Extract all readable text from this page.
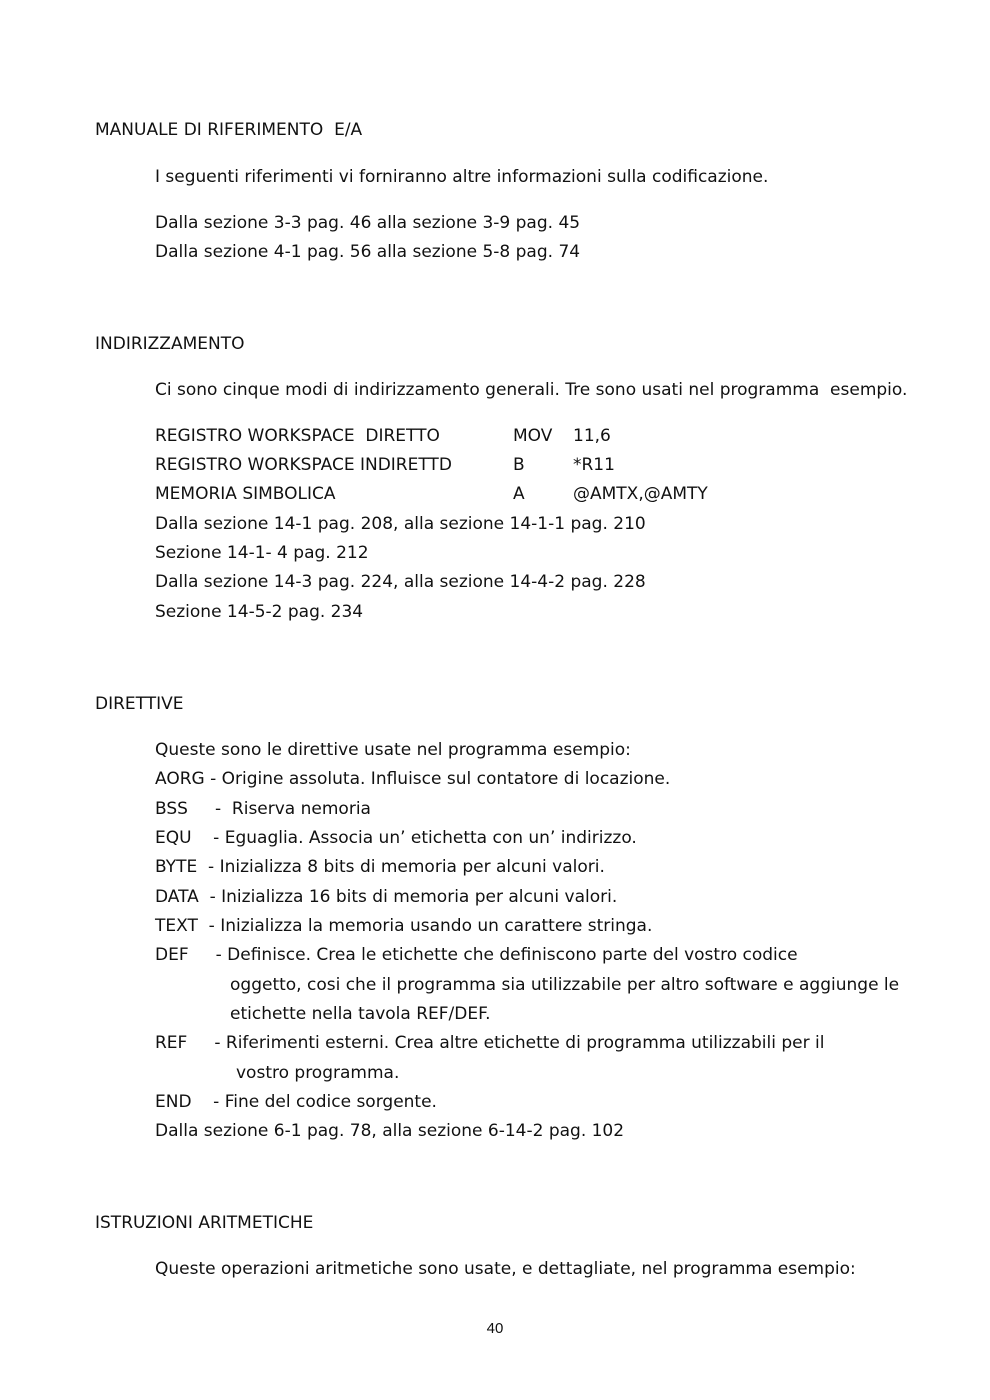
MANUALE DI RIFERIMENTO  E/A
I seguenti riferimenti vi forniranno altre informazioni sulla codificazione.
Dalla sezione 3-3 pag. 46 alla sezione 3-9 pag. 45
Dalla sezione 4-1 pag. 56 alla sezione 5-8 pag. 74
INDIRIZZAMENTO
Ci sono cinque modi di indirizzamento generali. Tre sono usati nel programma  esempio.
REGISTRO WORKSPACE  DIRETTO	MOV 11,6
REGISTRO WORKSPACE INDIRETTD	B	*R11
MEMORIA SIMBOLICA	A	@AMTX,@AMTY
Dalla sezione 14-1 pag. 208, alla sezione 14-1-1 pag. 210
Sezione 14-1- 4 pag. 212
Dalla sezione 14-3 pag. 224, alla sezione 14-4-2 pag. 228
Sezione 14-5-2 pag. 234
DIRETTIVE
Queste sono le direttive usate nel programma esempio:
AORG - Origine assoluta. Influisce sul contatore di locazione.
BSS     -  Riserva nemoria
EQU    - Eguaglia. Associa un’ etichetta con un’ indirizzo.
BYTE  - Inizializza 8 bits di memoria per alcuni valori.
DATA  - Inizializza 16 bits di memoria per alcuni valori.
TEXT  - Inizializza la memoria usando un carattere stringa.
DEF     - Definisce. Crea le etichette che definiscono parte del vostro codice
oggetto, cosi che il programma sia utilizzabile per altro software e aggiunge le
etichette nella tavola REF/DEF.
REF     - Riferimenti esterni. Crea altre etichette di programma utilizzabili per il
vostro programma.
END    - Fine del codice sorgente.
Dalla sezione 6-1 pag. 78, alla sezione 6-14-2 pag. 102
ISTRUZIONI ARITMETICHE
Queste operazioni aritmetiche sono usate, e dettagliate, nel programma esempio:
40
